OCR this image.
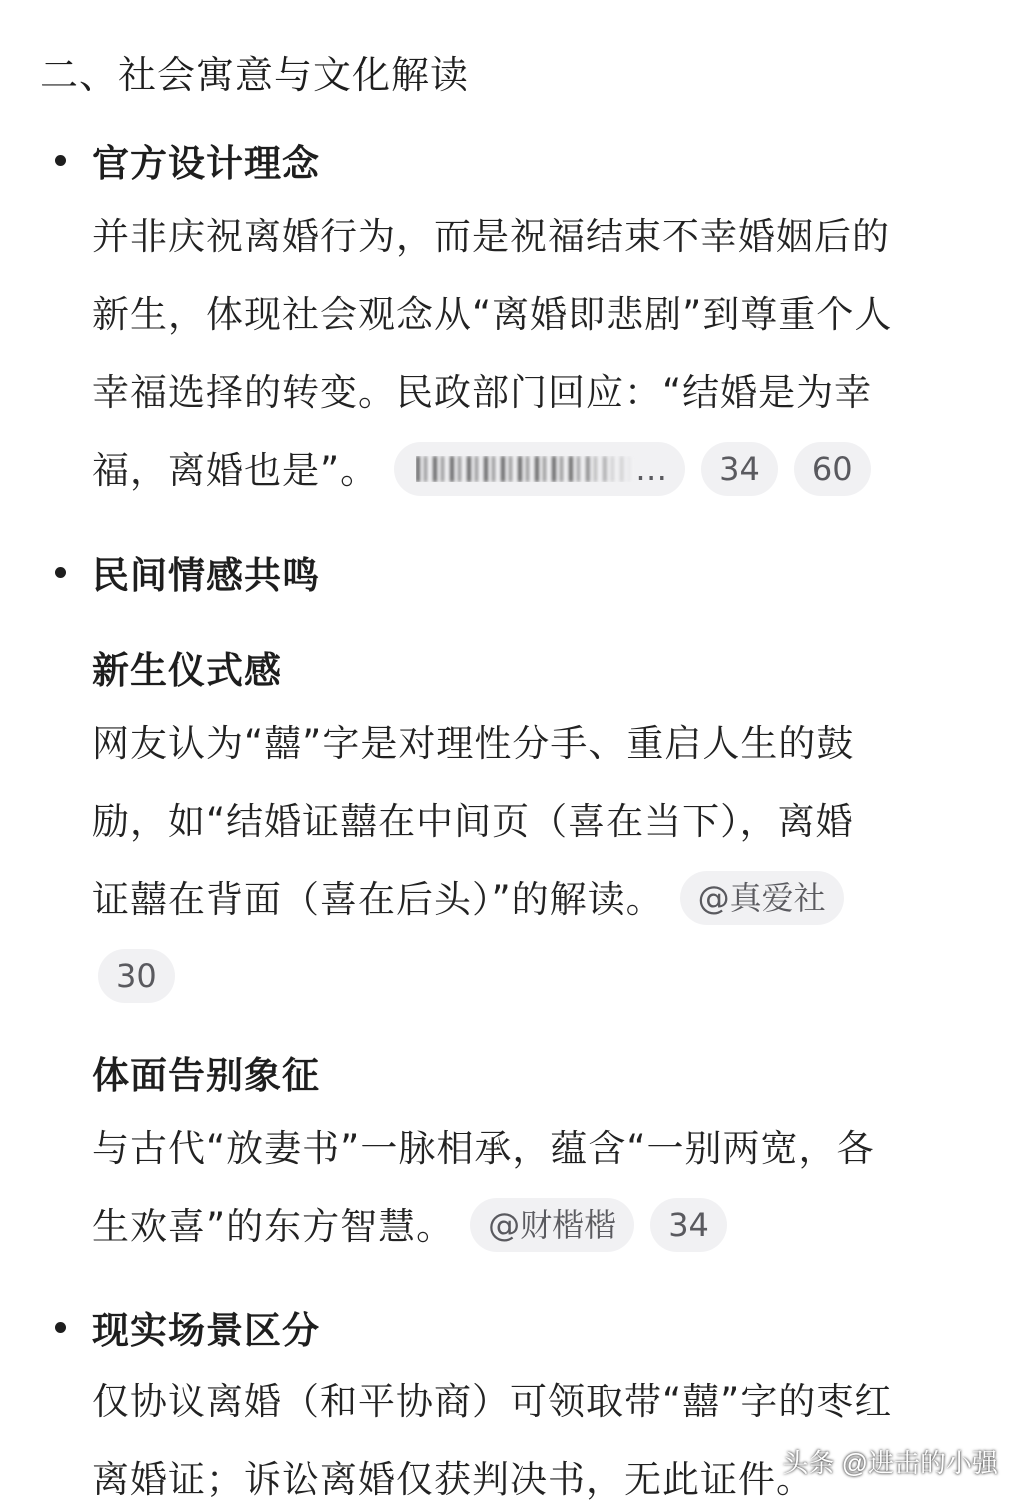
二、社会寓意与文化解读
官方设计理念
并非庆祝离婚行为，而是祝福结束不幸婚姻后的
新生，体现社会观念从“离婚即悲剧”到尊重个人
幸福选择的转变。民政部门回应：“结婚是为幸
福，离婚也是”。	… 34 60
民间情感共鸣
新生仪式感
网友认为“囍”字是对理性分手、重启人生的鼓
励，如“结婚证囍在中间页（喜在当下），离婚
证囍在背面（喜在后头）”的解读。 @真爱社
30
体面告别象征
与古代“放妻书”一脉相承，蕴含“一别两宽，各
生欢喜”的东方智慧。 @财楷楷 34
现实场景区分
仅协议离婚（和平协商）可领取带“囍”字的枣红
离婚证；诉讼离婚仅获判决书，无此证件。
头条 @进击的小强
